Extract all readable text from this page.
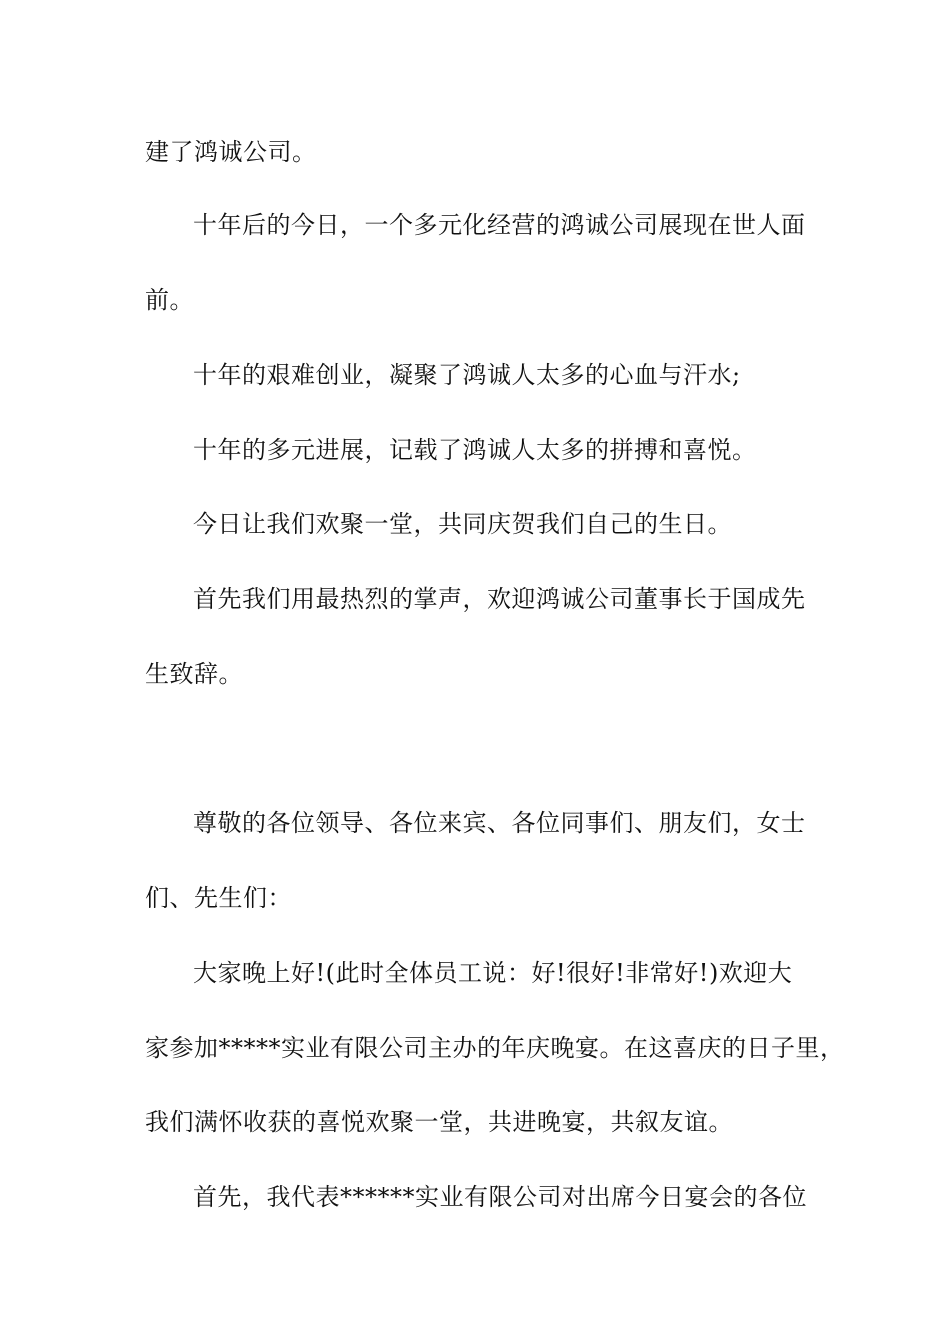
建了鸿诚公司。
十年后的今日，一个多元化经营的鸿诚公司展现在世人面
前。
十年的艰难创业，凝聚了鸿诚人太多的心血与汗水;
十年的多元进展，记载了鸿诚人太多的拼搏和喜悦。
今日让我们欢聚一堂，共同庆贺我们自己的生日。
首先我们用最热烈的掌声，欢迎鸿诚公司董事长于国成先
生致辞。
尊敬的各位领导、各位来宾、各位同事们、朋友们，女士
们、先生们：
大家晚上好!(此时全体员工说：好!很好!非常好!)欢迎大
家参加*****实业有限公司主办的年庆晚宴。在这喜庆的日子里，
我们满怀收获的喜悦欢聚一堂，共进晚宴，共叙友谊。
首先，我代表******实业有限公司对出席今日宴会的各位
